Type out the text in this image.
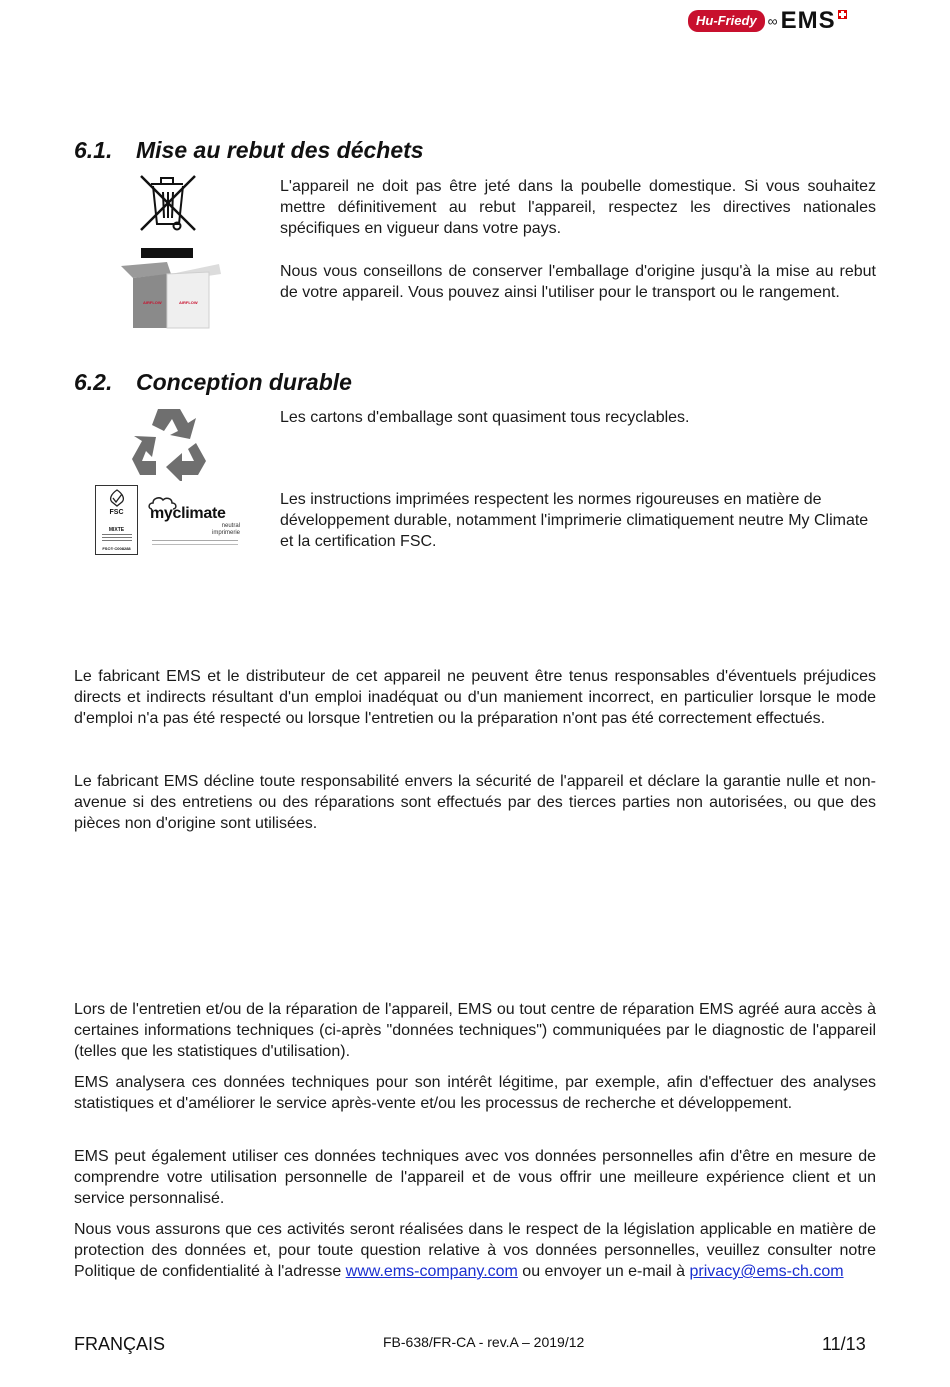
Hu-Friedy ∞ EMS
6.1. Mise au rebut des déchets
AIRFLOW	AIRFLOW

L'appareil ne doit pas être jeté dans la poubelle domestique. Si vous souhaitez mettre définitivement au rebut l'appareil, respectez les directives nationales spécifiques en vigueur dans votre pays.

Nous vous conseillons de conserver l'emballage d'origine jusqu'à la mise au rebut de votre appareil. Vous pouvez ainsi l'utiliser pour le transport ou le rangement.

6.2. Conception durable
FSC
MIXTE
FSC® C008288
myclimate
neutral
imprimerie

Les cartons d'emballage sont quasiment tous recyclables.

Les instructions imprimées respectent les normes rigoureuses en matière de développement durable, notamment l'imprimerie climatiquement neutre My Climate et la certification FSC.

Le fabricant EMS et le distributeur de cet appareil ne peuvent être tenus responsables d'éventuels préjudices directs et indirects résultant d'un emploi inadéquat ou d'un maniement incorrect, en particulier lorsque le mode d'emploi n'a pas été respecté ou lorsque l'entretien ou la préparation n'ont pas été correctement effectués.

Le fabricant EMS décline toute responsabilité envers la sécurité de l'appareil et déclare la garantie nulle et non-avenue si des entretiens ou des réparations sont effectués par des tierces parties non autorisées, ou que des pièces non d'origine sont utilisées.

Lors de l'entretien et/ou de la réparation de l'appareil, EMS ou tout centre de réparation EMS agréé aura accès à certaines informations techniques (ci-après "données techniques") communiquées par le diagnostic de l'appareil (telles que les statistiques d'utilisation).

EMS analysera ces données techniques pour son intérêt légitime, par exemple, afin d'effectuer des analyses statistiques et d'améliorer le service après-vente et/ou les processus de recherche et développement.

EMS peut également utiliser ces données techniques avec vos données personnelles afin d'être en mesure de comprendre votre utilisation personnelle de l'appareil et de vous offrir une meilleure expérience client et un service personnalisé.

Nous vous assurons que ces activités seront réalisées dans le respect de la législation applicable en matière de protection des données et, pour toute question relative à vos données personnelles, veuillez consulter notre Politique de confidentialité à l'adresse www.ems-company.com ou envoyer un e-mail à privacy@ems-ch.com

FRANÇAIS	FB-638/FR-CA - rev.A – 2019/12	11/13
